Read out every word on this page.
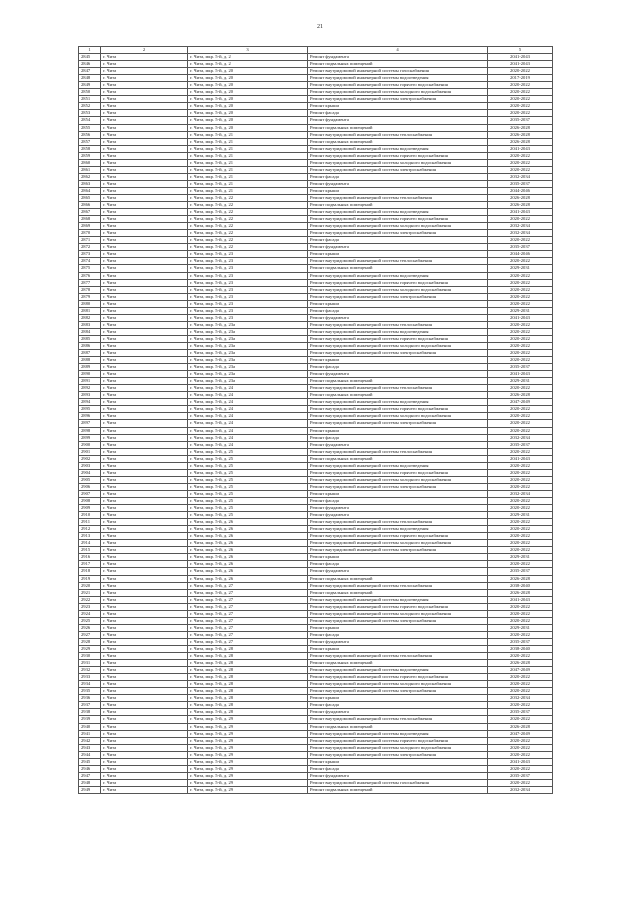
21
1	2	3	4	5
2845	г. Чита	г. Чита, мкр. 5-й, д. 2	Ремонт фундамента	2041-2043
2846	г. Чита	г. Чита, мкр. 5-й, д. 2	Ремонт подвальных помещений	2041-2043
2847	г. Чита	г. Чита, мкр. 5-й, д. 20	Ремонт внутридомовой инженерной системы газоснабжения	2020-2022
2848	г. Чита	г. Чита, мкр. 5-й, д. 20	Ремонт внутридомовой инженерной системы водоотведения	2017-2019
2849	г. Чита	г. Чита, мкр. 5-й, д. 20	Ремонт внутридомовой инженерной системы горячего водоснабжения	2020-2022
2850	г. Чита	г. Чита, мкр. 5-й, д. 20	Ремонт внутридомовой инженерной системы холодного водоснабжения	2020-2022
2851	г. Чита	г. Чита, мкр. 5-й, д. 20	Ремонт внутридомовой инженерной системы электроснабжения	2020-2022
2852	г. Чита	г. Чита, мкр. 5-й, д. 20	Ремонт крыши	2020-2022
2853	г. Чита	г. Чита, мкр. 5-й, д. 20	Ремонт фасада	2020-2022
2854	г. Чита	г. Чита, мкр. 5-й, д. 20	Ремонт фундамента	2035-2037
2855	г. Чита	г. Чита, мкр. 5-й, д. 20	Ремонт подвальных помещений	2026-2028
2856	г. Чита	г. Чита, мкр. 5-й, д. 21	Ремонт внутридомовой инженерной системы теплоснабжения	2026-2028
2857	г. Чита	г. Чита, мкр. 5-й, д. 21	Ремонт подвальных помещений	2026-2028
2858	г. Чита	г. Чита, мкр. 5-й, д. 21	Ремонт внутридомовой инженерной системы водоотведения	2041-2043
2859	г. Чита	г. Чита, мкр. 5-й, д. 21	Ремонт внутридомовой инженерной системы горячего водоснабжения	2020-2022
2860	г. Чита	г. Чита, мкр. 5-й, д. 21	Ремонт внутридомовой инженерной системы холодного водоснабжения	2020-2022
2861	г. Чита	г. Чита, мкр. 5-й, д. 21	Ремонт внутридомовой инженерной системы электроснабжения	2020-2022
2862	г. Чита	г. Чита, мкр. 5-й, д. 21	Ремонт фасада	2032-2034
2863	г. Чита	г. Чита, мкр. 5-й, д. 21	Ремонт фундамента	2035-2037
2864	г. Чита	г. Чита, мкр. 5-й, д. 21	Ремонт крыши	2044-2046
2865	г. Чита	г. Чита, мкр. 5-й, д. 22	Ремонт внутридомовой инженерной системы теплоснабжения	2026-2028
2866	г. Чита	г. Чита, мкр. 5-й, д. 22	Ремонт подвальных помещений	2026-2028
2867	г. Чита	г. Чита, мкр. 5-й, д. 22	Ремонт внутридомовой инженерной системы водоотведения	2041-2043
2868	г. Чита	г. Чита, мкр. 5-й, д. 22	Ремонт внутридомовой инженерной системы горячего водоснабжения	2020-2022
2869	г. Чита	г. Чита, мкр. 5-й, д. 22	Ремонт внутридомовой инженерной системы холодного водоснабжения	2032-2034
2870	г. Чита	г. Чита, мкр. 5-й, д. 22	Ремонт внутридомовой инженерной системы электроснабжения	2032-2034
2871	г. Чита	г. Чита, мкр. 5-й, д. 22	Ремонт фасада	2020-2022
2872	г. Чита	г. Чита, мкр. 5-й, д. 22	Ремонт фундамента	2035-2037
2873	г. Чита	г. Чита, мкр. 5-й, д. 23	Ремонт крыши	2044-2046
2874	г. Чита	г. Чита, мкр. 5-й, д. 23	Ремонт внутридомовой инженерной системы теплоснабжения	2020-2022
2875	г. Чита	г. Чита, мкр. 5-й, д. 23	Ремонт подвальных помещений	2029-2031
2876	г. Чита	г. Чита, мкр. 5-й, д. 23	Ремонт внутридомовой инженерной системы водоотведения	2020-2022
2877	г. Чита	г. Чита, мкр. 5-й, д. 23	Ремонт внутридомовой инженерной системы горячего водоснабжения	2020-2022
2878	г. Чита	г. Чита, мкр. 5-й, д. 23	Ремонт внутридомовой инженерной системы холодного водоснабжения	2020-2022
2879	г. Чита	г. Чита, мкр. 5-й, д. 23	Ремонт внутридомовой инженерной системы электроснабжения	2020-2022
2880	г. Чита	г. Чита, мкр. 5-й, д. 23	Ремонт крыши	2020-2022
2881	г. Чита	г. Чита, мкр. 5-й, д. 23	Ремонт фасада	2029-2031
2882	г. Чита	г. Чита, мкр. 5-й, д. 23	Ремонт фундамента	2041-2043
2883	г. Чита	г. Чита, мкр. 5-й, д. 23а	Ремонт внутридомовой инженерной системы теплоснабжения	2020-2022
2884	г. Чита	г. Чита, мкр. 5-й, д. 23а	Ремонт внутридомовой инженерной системы водоотведения	2020-2022
2885	г. Чита	г. Чита, мкр. 5-й, д. 23а	Ремонт внутридомовой инженерной системы горячего водоснабжения	2020-2022
2886	г. Чита	г. Чита, мкр. 5-й, д. 23а	Ремонт внутридомовой инженерной системы холодного водоснабжения	2020-2022
2887	г. Чита	г. Чита, мкр. 5-й, д. 23а	Ремонт внутридомовой инженерной системы электроснабжения	2020-2022
2888	г. Чита	г. Чита, мкр. 5-й, д. 23а	Ремонт крыши	2020-2022
2889	г. Чита	г. Чита, мкр. 5-й, д. 23а	Ремонт фасада	2035-2037
2890	г. Чита	г. Чита, мкр. 5-й, д. 23а	Ремонт фундамента	2041-2043
2891	г. Чита	г. Чита, мкр. 5-й, д. 23а	Ремонт подвальных помещений	2029-2031
2892	г. Чита	г. Чита, мкр. 5-й, д. 24	Ремонт внутридомовой инженерной системы теплоснабжения	2020-2022
2893	г. Чита	г. Чита, мкр. 5-й, д. 24	Ремонт подвальных помещений	2026-2028
2894	г. Чита	г. Чита, мкр. 5-й, д. 24	Ремонт внутридомовой инженерной системы водоотведения	2047-2049
2895	г. Чита	г. Чита, мкр. 5-й, д. 24	Ремонт внутридомовой инженерной системы горячего водоснабжения	2020-2022
2896	г. Чита	г. Чита, мкр. 5-й, д. 24	Ремонт внутридомовой инженерной системы холодного водоснабжения	2020-2022
2897	г. Чита	г. Чита, мкр. 5-й, д. 24	Ремонт внутридомовой инженерной системы электроснабжения	2020-2022
2898	г. Чита	г. Чита, мкр. 5-й, д. 24	Ремонт крыши	2020-2022
2899	г. Чита	г. Чита, мкр. 5-й, д. 24	Ремонт фасада	2032-2034
2900	г. Чита	г. Чита, мкр. 5-й, д. 24	Ремонт фундамента	2035-2037
2901	г. Чита	г. Чита, мкр. 5-й, д. 25	Ремонт внутридомовой инженерной системы теплоснабжения	2020-2022
2902	г. Чита	г. Чита, мкр. 5-й, д. 25	Ремонт подвальных помещений	2041-2043
2903	г. Чита	г. Чита, мкр. 5-й, д. 25	Ремонт внутридомовой инженерной системы водоотведения	2020-2022
2904	г. Чита	г. Чита, мкр. 5-й, д. 25	Ремонт внутридомовой инженерной системы горячего водоснабжения	2020-2022
2905	г. Чита	г. Чита, мкр. 5-й, д. 25	Ремонт внутридомовой инженерной системы холодного водоснабжения	2020-2022
2906	г. Чита	г. Чита, мкр. 5-й, д. 25	Ремонт внутридомовой инженерной системы электроснабжения	2020-2022
2907	г. Чита	г. Чита, мкр. 5-й, д. 25	Ремонт крыши	2032-2034
2908	г. Чита	г. Чита, мкр. 5-й, д. 25	Ремонт фасада	2020-2022
2909	г. Чита	г. Чита, мкр. 5-й, д. 25	Ремонт фундамента	2020-2022
2910	г. Чита	г. Чита, мкр. 5-й, д. 25	Ремонт фундамента	2029-2031
2911	г. Чита	г. Чита, мкр. 5-й, д. 26	Ремонт внутридомовой инженерной системы теплоснабжения	2020-2022
2912	г. Чита	г. Чита, мкр. 5-й, д. 26	Ремонт внутридомовой инженерной системы водоотведения	2020-2022
2913	г. Чита	г. Чита, мкр. 5-й, д. 26	Ремонт внутридомовой инженерной системы горячего водоснабжения	2020-2022
2914	г. Чита	г. Чита, мкр. 5-й, д. 26	Ремонт внутридомовой инженерной системы холодного водоснабжения	2020-2022
2915	г. Чита	г. Чита, мкр. 5-й, д. 26	Ремонт внутридомовой инженерной системы электроснабжения	2020-2022
2916	г. Чита	г. Чита, мкр. 5-й, д. 26	Ремонт крыши	2029-2031
2917	г. Чита	г. Чита, мкр. 5-й, д. 26	Ремонт фасада	2020-2022
2918	г. Чита	г. Чита, мкр. 5-й, д. 26	Ремонт фундамента	2035-2037
2919	г. Чита	г. Чита, мкр. 5-й, д. 26	Ремонт подвальных помещений	2026-2028
2920	г. Чита	г. Чита, мкр. 5-й, д. 27	Ремонт внутридомовой инженерной системы теплоснабжения	2038-2040
2921	г. Чита	г. Чита, мкр. 5-й, д. 27	Ремонт подвальных помещений	2026-2028
2922	г. Чита	г. Чита, мкр. 5-й, д. 27	Ремонт внутридомовой инженерной системы водоотведения	2041-2043
2923	г. Чита	г. Чита, мкр. 5-й, д. 27	Ремонт внутридомовой инженерной системы горячего водоснабжения	2020-2022
2924	г. Чита	г. Чита, мкр. 5-й, д. 27	Ремонт внутридомовой инженерной системы холодного водоснабжения	2020-2022
2925	г. Чита	г. Чита, мкр. 5-й, д. 27	Ремонт внутридомовой инженерной системы электроснабжения	2020-2022
2926	г. Чита	г. Чита, мкр. 5-й, д. 27	Ремонт крыши	2029-2031
2927	г. Чита	г. Чита, мкр. 5-й, д. 27	Ремонт фасада	2020-2022
2928	г. Чита	г. Чита, мкр. 5-й, д. 27	Ремонт фундамента	2035-2037
2929	г. Чита	г. Чита, мкр. 5-й, д. 28	Ремонт крыши	2038-2040
2930	г. Чита	г. Чита, мкр. 5-й, д. 28	Ремонт внутридомовой инженерной системы теплоснабжения	2020-2022
2931	г. Чита	г. Чита, мкр. 5-й, д. 28	Ремонт подвальных помещений	2026-2028
2932	г. Чита	г. Чита, мкр. 5-й, д. 28	Ремонт внутридомовой инженерной системы водоотведения	2047-2049
2933	г. Чита	г. Чита, мкр. 5-й, д. 28	Ремонт внутридомовой инженерной системы горячего водоснабжения	2020-2022
2934	г. Чита	г. Чита, мкр. 5-й, д. 28	Ремонт внутридомовой инженерной системы холодного водоснабжения	2020-2022
2935	г. Чита	г. Чита, мкр. 5-й, д. 28	Ремонт внутридомовой инженерной системы электроснабжения	2020-2022
2936	г. Чита	г. Чита, мкр. 5-й, д. 28	Ремонт крыши	2032-2034
2937	г. Чита	г. Чита, мкр. 5-й, д. 28	Ремонт фасада	2020-2022
2938	г. Чита	г. Чита, мкр. 5-й, д. 28	Ремонт фундамента	2035-2037
2939	г. Чита	г. Чита, мкр. 5-й, д. 29	Ремонт внутридомовой инженерной системы теплоснабжения	2020-2022
2940	г. Чита	г. Чита, мкр. 5-й, д. 29	Ремонт подвальных помещений	2026-2028
2941	г. Чита	г. Чита, мкр. 5-й, д. 29	Ремонт внутридомовой инженерной системы водоотведения	2047-2049
2942	г. Чита	г. Чита, мкр. 5-й, д. 29	Ремонт внутридомовой инженерной системы горячего водоснабжения	2020-2022
2943	г. Чита	г. Чита, мкр. 5-й, д. 29	Ремонт внутридомовой инженерной системы холодного водоснабжения	2020-2022
2944	г. Чита	г. Чита, мкр. 5-й, д. 29	Ремонт внутридомовой инженерной системы электроснабжения	2020-2022
2945	г. Чита	г. Чита, мкр. 5-й, д. 29	Ремонт крыши	2041-2043
2946	г. Чита	г. Чита, мкр. 5-й, д. 29	Ремонт фасада	2020-2022
2947	г. Чита	г. Чита, мкр. 5-й, д. 29	Ремонт фундамента	2035-2037
2948	г. Чита	г. Чита, мкр. 5-й, д. 29	Ремонт внутридомовой инженерной системы газоснабжения	2020-2022
2949	г. Чита	г. Чита, мкр. 5-й, д. 29	Ремонт подвальных помещений	2032-2034
